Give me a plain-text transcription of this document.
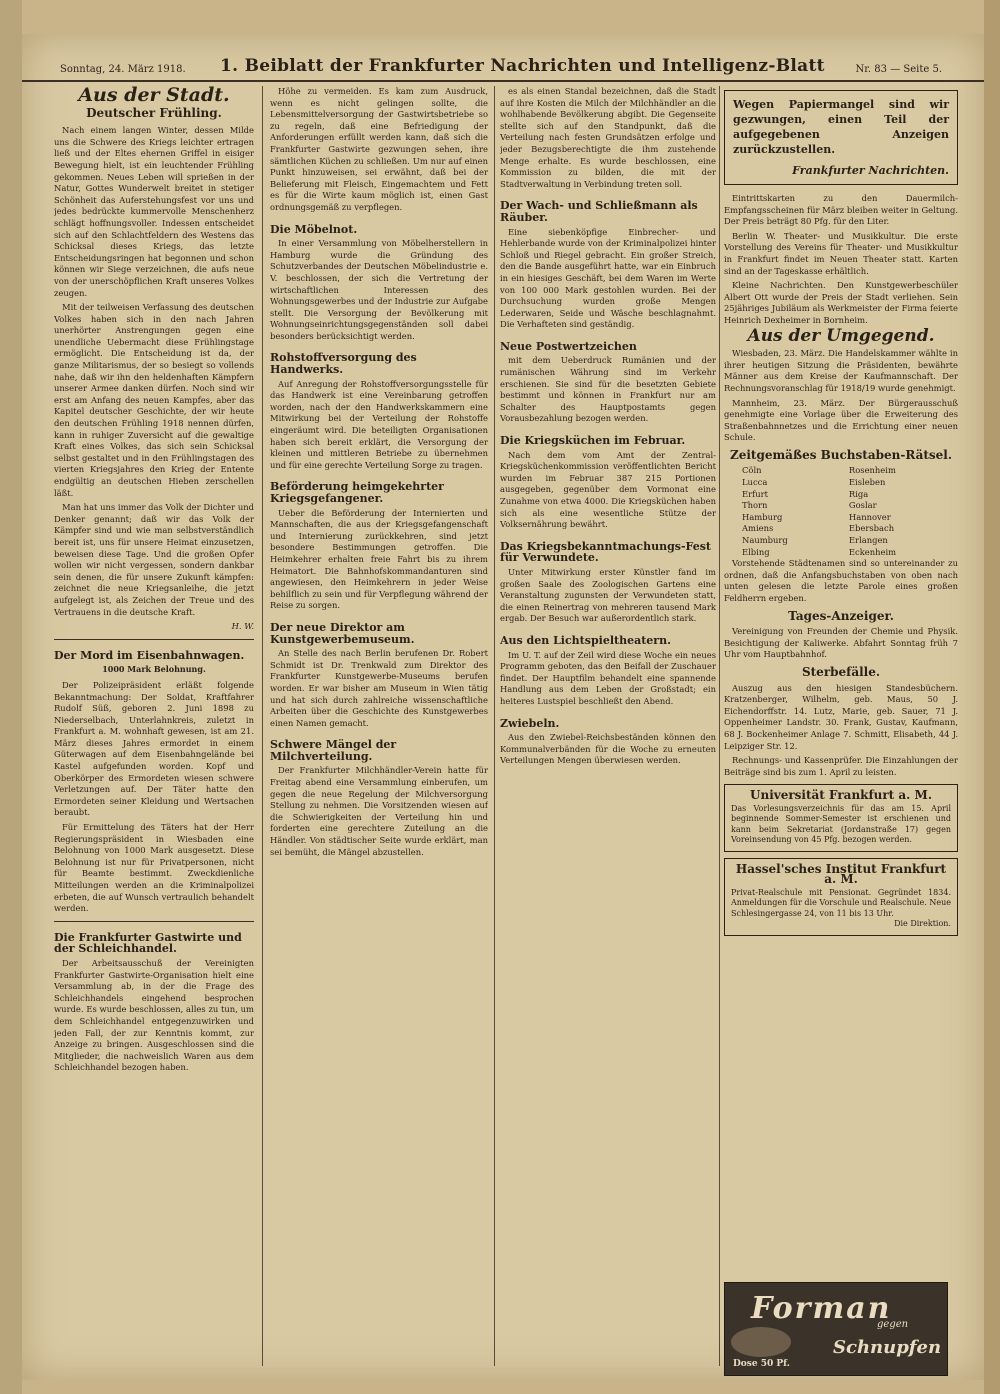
Sonntag, 24. März 1918. 1. Beiblatt der Frankfurter Nachrichten und Intelligenz-Blatt	Nr. 83 — Seite 5.
Aus der Stadt.
Deutscher Frühling.

Nach einem langen Winter, dessen Milde uns die Schwere des Kriegs leichter ertragen ließ und der Eltes ehernen Griffel in eisiger Bewegung hielt, ist ein leuchtender Frühling gekommen. Neues Leben will sprießen in der Natur, Gottes Wunderwelt breitet in stetiger Schönheit das Auferstehungsfest vor uns und jedes bedrückte kummervolle Menschenherz schlägt hoffnungsvoller. Indessen entscheidet sich auf den Schlachtfeldern des Westens das Schicksal dieses Kriegs, das letzte Entscheidungsringen hat begonnen und schon können wir Siege verzeichnen, die aufs neue von der unerschöpflichen Kraft unseres Volkes zeugen.

Mit der teilweisen Verfassung des deutschen Volkes haben sich in den nach Jahren unerhörter Anstrengungen gegen eine unendliche Uebermacht diese Frühlingstage ermöglicht. Die Entscheidung ist da, der ganze Militarismus, der so besiegt so vollends nahe, daß wir ihn den heldenhaften Kämpfern unserer Armee danken dürfen. Noch sind wir erst am Anfang des neuen Kampfes, aber das Kapitel deutscher Geschichte, der wir heute den deutschen Frühling 1918 nennen dürfen, kann in ruhiger Zuversicht auf die gewaltige Kraft eines Volkes, das sich sein Schicksal selbst gestaltet und in den Frühlingstagen des vierten Kriegsjahres den Krieg der Entente endgültig an deutschen Hieben zerschellen läßt.

Man hat uns immer das Volk der Dichter und Denker genannt; daß wir das Volk der Kämpfer sind und wie man selbstverständlich bereit ist, uns für unsere Heimat einzusetzen, beweisen diese Tage. Und die großen Opfer wollen wir nicht vergessen, sondern dankbar sein denen, die für unsere Zukunft kämpfen: zeichnet die neue Kriegsanleihe, die jetzt aufgelegt ist, als Zeichen der Treue und des Vertrauens in die deutsche Kraft.

H. W.
Der Mord im Eisenbahnwagen.
1000 Mark Belohnung.

Der Polizeipräsident erläßt folgende Bekanntmachung: Der Soldat, Kraftfahrer Rudolf Süß, geboren 2. Juni 1898 zu Niederselbach, Unterlahnkreis, zuletzt in Frankfurt a. M. wohnhaft gewesen, ist am 21. März dieses Jahres ermordet in einem Güterwagen auf dem Eisenbahngelände bei Kastel aufgefunden worden. Kopf und Oberkörper des Ermordeten wiesen schwere Verletzungen auf. Der Täter hatte den Ermordeten seiner Kleidung und Wertsachen beraubt.

Für Ermittelung des Täters hat der Herr Regierungspräsident in Wiesbaden eine Belohnung von 1000 Mark ausgesetzt. Diese Belohnung ist nur für Privatpersonen, nicht für Beamte bestimmt. Zweckdienliche Mitteilungen werden an die Kriminalpolizei erbeten, die auf Wunsch vertraulich behandelt werden.

Die Frankfurter Gastwirte und der Schleichhandel.

Der Arbeitsausschuß der Vereinigten Frankfurter Gastwirte-Organisation hielt eine Versammlung ab, in der die Frage des Schleichhandels eingehend besprochen wurde. Es wurde beschlossen, alles zu tun, um dem Schleichhandel entgegenzuwirken und jeden Fall, der zur Kenntnis kommt, zur Anzeige zu bringen. Ausgeschlossen sind die Mitglieder, die nachweislich Waren aus dem Schleichhandel bezogen haben.

Höhe zu vermeiden. Es kam zum Ausdruck, wenn es nicht gelingen sollte, die Lebensmittelversorgung der Gastwirtsbetriebe so zu regeln, daß eine Befriedigung der Anforderungen erfüllt werden kann, daß sich die Frankfurter Gastwirte gezwungen sehen, ihre sämtlichen Küchen zu schließen. Um nur auf einen Punkt hinzuweisen, sei erwähnt, daß bei der Belieferung mit Fleisch, Eingemachtem und Fett es für die Wirte kaum möglich ist, einen Gast ordnungsgemäß zu verpflegen.

Die Möbelnot.

In einer Versammlung von Möbelherstellern in Hamburg wurde die Gründung des Schutzverbandes der Deutschen Möbelindustrie e. V. beschlossen, der sich die Vertretung der wirtschaftlichen Interessen des Wohnungsgewerbes und der Industrie zur Aufgabe stellt. Die Versorgung der Bevölkerung mit Wohnungseinrichtungsgegenständen soll dabei besonders berücksichtigt werden.

Rohstoffversorgung des Handwerks.

Auf Anregung der Rohstoffversorgungsstelle für das Handwerk ist eine Vereinbarung getroffen worden, nach der den Handwerkskammern eine Mitwirkung bei der Verteilung der Rohstoffe eingeräumt wird. Die beteiligten Organisationen haben sich bereit erklärt, die Versorgung der kleinen und mittleren Betriebe zu übernehmen und für eine gerechte Verteilung Sorge zu tragen.

Beförderung heimgekehrter Kriegsgefangener.

Ueber die Beförderung der Internierten und Mannschaften, die aus der Kriegsgefangenschaft und Internierung zurückkehren, sind jetzt besondere Bestimmungen getroffen. Die Heimkehrer erhalten freie Fahrt bis zu ihrem Heimatort. Die Bahnhofskommandanturen sind angewiesen, den Heimkehrern in jeder Weise behilflich zu sein und für Verpflegung während der Reise zu sorgen.

Der neue Direktor am Kunstgewerbemuseum.

An Stelle des nach Berlin berufenen Dr. Robert Schmidt ist Dr. Trenkwald zum Direktor des Frankfurter Kunstgewerbe-Museums berufen worden. Er war bisher am Museum in Wien tätig und hat sich durch zahlreiche wissenschaftliche Arbeiten über die Geschichte des Kunstgewerbes einen Namen gemacht.

Schwere Mängel der Milchverteilung.

Der Frankfurter Milchhändler-Verein hatte für Freitag abend eine Versammlung einberufen, um gegen die neue Regelung der Milchversorgung Stellung zu nehmen. Die Vorsitzenden wiesen auf die Schwierigkeiten der Verteilung hin und forderten eine gerechtere Zuteilung an die Händler. Von städtischer Seite wurde erklärt, man sei bemüht, die Mängel abzustellen.

es als einen Standal bezeichnen, daß die Stadt auf ihre Kosten die Milch der Milchhändler an die wohlhabende Bevölkerung abgibt. Die Gegenseite stellte sich auf den Standpunkt, daß die Verteilung nach festen Grundsätzen erfolge und jeder Bezugsberechtigte die ihm zustehende Menge erhalte. Es wurde beschlossen, eine Kommission zu bilden, die mit der Stadtverwaltung in Verbindung treten soll.

Der Wach- und Schließmann als Räuber.

Eine siebenköpfige Einbrecher- und Hehlerbande wurde von der Kriminalpolizei hinter Schloß und Riegel gebracht. Ein großer Streich, den die Bande ausgeführt hatte, war ein Einbruch in ein hiesiges Geschäft, bei dem Waren im Werte von 100 000 Mark gestohlen wurden. Bei der Durchsuchung wurden große Mengen Lederwaren, Seide und Wäsche beschlagnahmt. Die Verhafteten sind geständig.

Neue Postwertzeichen

mit dem Ueberdruck Rumänien und der rumänischen Währung sind im Verkehr erschienen. Sie sind für die besetzten Gebiete bestimmt und können in Frankfurt nur am Schalter des Hauptpostamts gegen Vorausbezahlung bezogen werden.

Die Kriegsküchen im Februar.

Nach dem vom Amt der Zentral-Kriegsküchenkommission veröffentlichten Bericht wurden im Februar 387 215 Portionen ausgegeben, gegenüber dem Vormonat eine Zunahme von etwa 4000. Die Kriegsküchen haben sich als eine wesentliche Stütze der Volksernährung bewährt.

Das Kriegsbekanntmachungs-Fest für Verwundete.

Unter Mitwirkung erster Künstler fand im großen Saale des Zoologischen Gartens eine Veranstaltung zugunsten der Verwundeten statt, die einen Reinertrag von mehreren tausend Mark ergab. Der Besuch war außerordentlich stark.

Aus den Lichtspieltheatern.

Im U. T. auf der Zeil wird diese Woche ein neues Programm geboten, das den Beifall der Zuschauer findet. Der Hauptfilm behandelt eine spannende Handlung aus dem Leben der Großstadt; ein heiteres Lustspiel beschließt den Abend.

Zwiebeln.

Aus den Zwiebel-Reichsbeständen können den Kommunalverbänden für die Woche zu erneuten Verteilungen Mengen überwiesen werden.

Wegen Papiermangel sind wir gezwungen, einen Teil der aufgegebenen Anzeigen zurückzustellen.
Frankfurter Nachrichten.

Eintrittskarten zu den Dauermilch-Empfangsscheinen für März bleiben weiter in Geltung. Der Preis beträgt 80 Pfg. für den Liter.

Berlin W. Theater- und Musikkultur. Die erste Vorstellung des Vereins für Theater- und Musikkultur in Frankfurt findet im Neuen Theater statt. Karten sind an der Tageskasse erhältlich.

Kleine Nachrichten. Den Kunstgewerbeschüler Albert Ott wurde der Preis der Stadt verliehen. Sein 25jähriges Jubiläum als Werkmeister der Firma feierte Heinrich Dexheimer in Bornheim.

Aus der Umgegend.

Wiesbaden, 23. März. Die Handelskammer wählte in ihrer heutigen Sitzung die Präsidenten, bewährte Männer aus dem Kreise der Kaufmannschaft. Der Rechnungsvoranschlag für 1918/19 wurde genehmigt.

Mannheim, 23. März. Der Bürgerausschuß genehmigte eine Vorlage über die Erweiterung des Straßenbahnnetzes und die Errichtung einer neuen Schule.

Zeitgemäßes Buchstaben-Rätsel.
Cöln
Lucca
Erfurt
Thorn
Hamburg
Amiens
Naumburg
Elbing
Rosenheim
Eisleben
Riga
Goslar
Hannover
Ebersbach
Erlangen
Eckenheim

Vorstehende Städtenamen sind so untereinander zu ordnen, daß die Anfangsbuchstaben von oben nach unten gelesen die letzte Parole eines großen Feldherrn ergeben.

Tages-Anzeiger.

Vereinigung von Freunden der Chemie und Physik. Besichtigung der Kaliwerke. Abfahrt Sonntag früh 7 Uhr vom Hauptbahnhof.

Sterbefälle.

Auszug aus den hiesigen Standesbüchern. Kratzenberger, Wilhelm, geb. Maus, 50 J. Eichendorffstr. 14. Lutz, Marie, geb. Sauer, 71 J. Oppenheimer Landstr. 30. Frank, Gustav, Kaufmann, 68 J. Bockenheimer Anlage 7. Schmitt, Elisabeth, 44 J. Leipziger Str. 12.

Rechnungs- und Kassenprüfer. Die Einzahlungen der Beiträge sind bis zum 1. April zu leisten.

Universität Frankfurt a. M.
Das Vorlesungsverzeichnis für das am 15. April beginnende Sommer-Semester ist erschienen und kann beim Sekretariat (Jordanstraße 17) gegen Voreinsendung von 45 Pfg. bezogen werden.
Hassel'sches Institut Frankfurt a. M.
Privat-Realschule mit Pensionat. Gegründet 1834. Anmeldungen für die Vorschule und Realschule. Neue Schlesingergasse 24, von 11 bis 13 Uhr.
Die Direktion.
Forman
gegen
Schnupfen
Dose 50 Pf.
